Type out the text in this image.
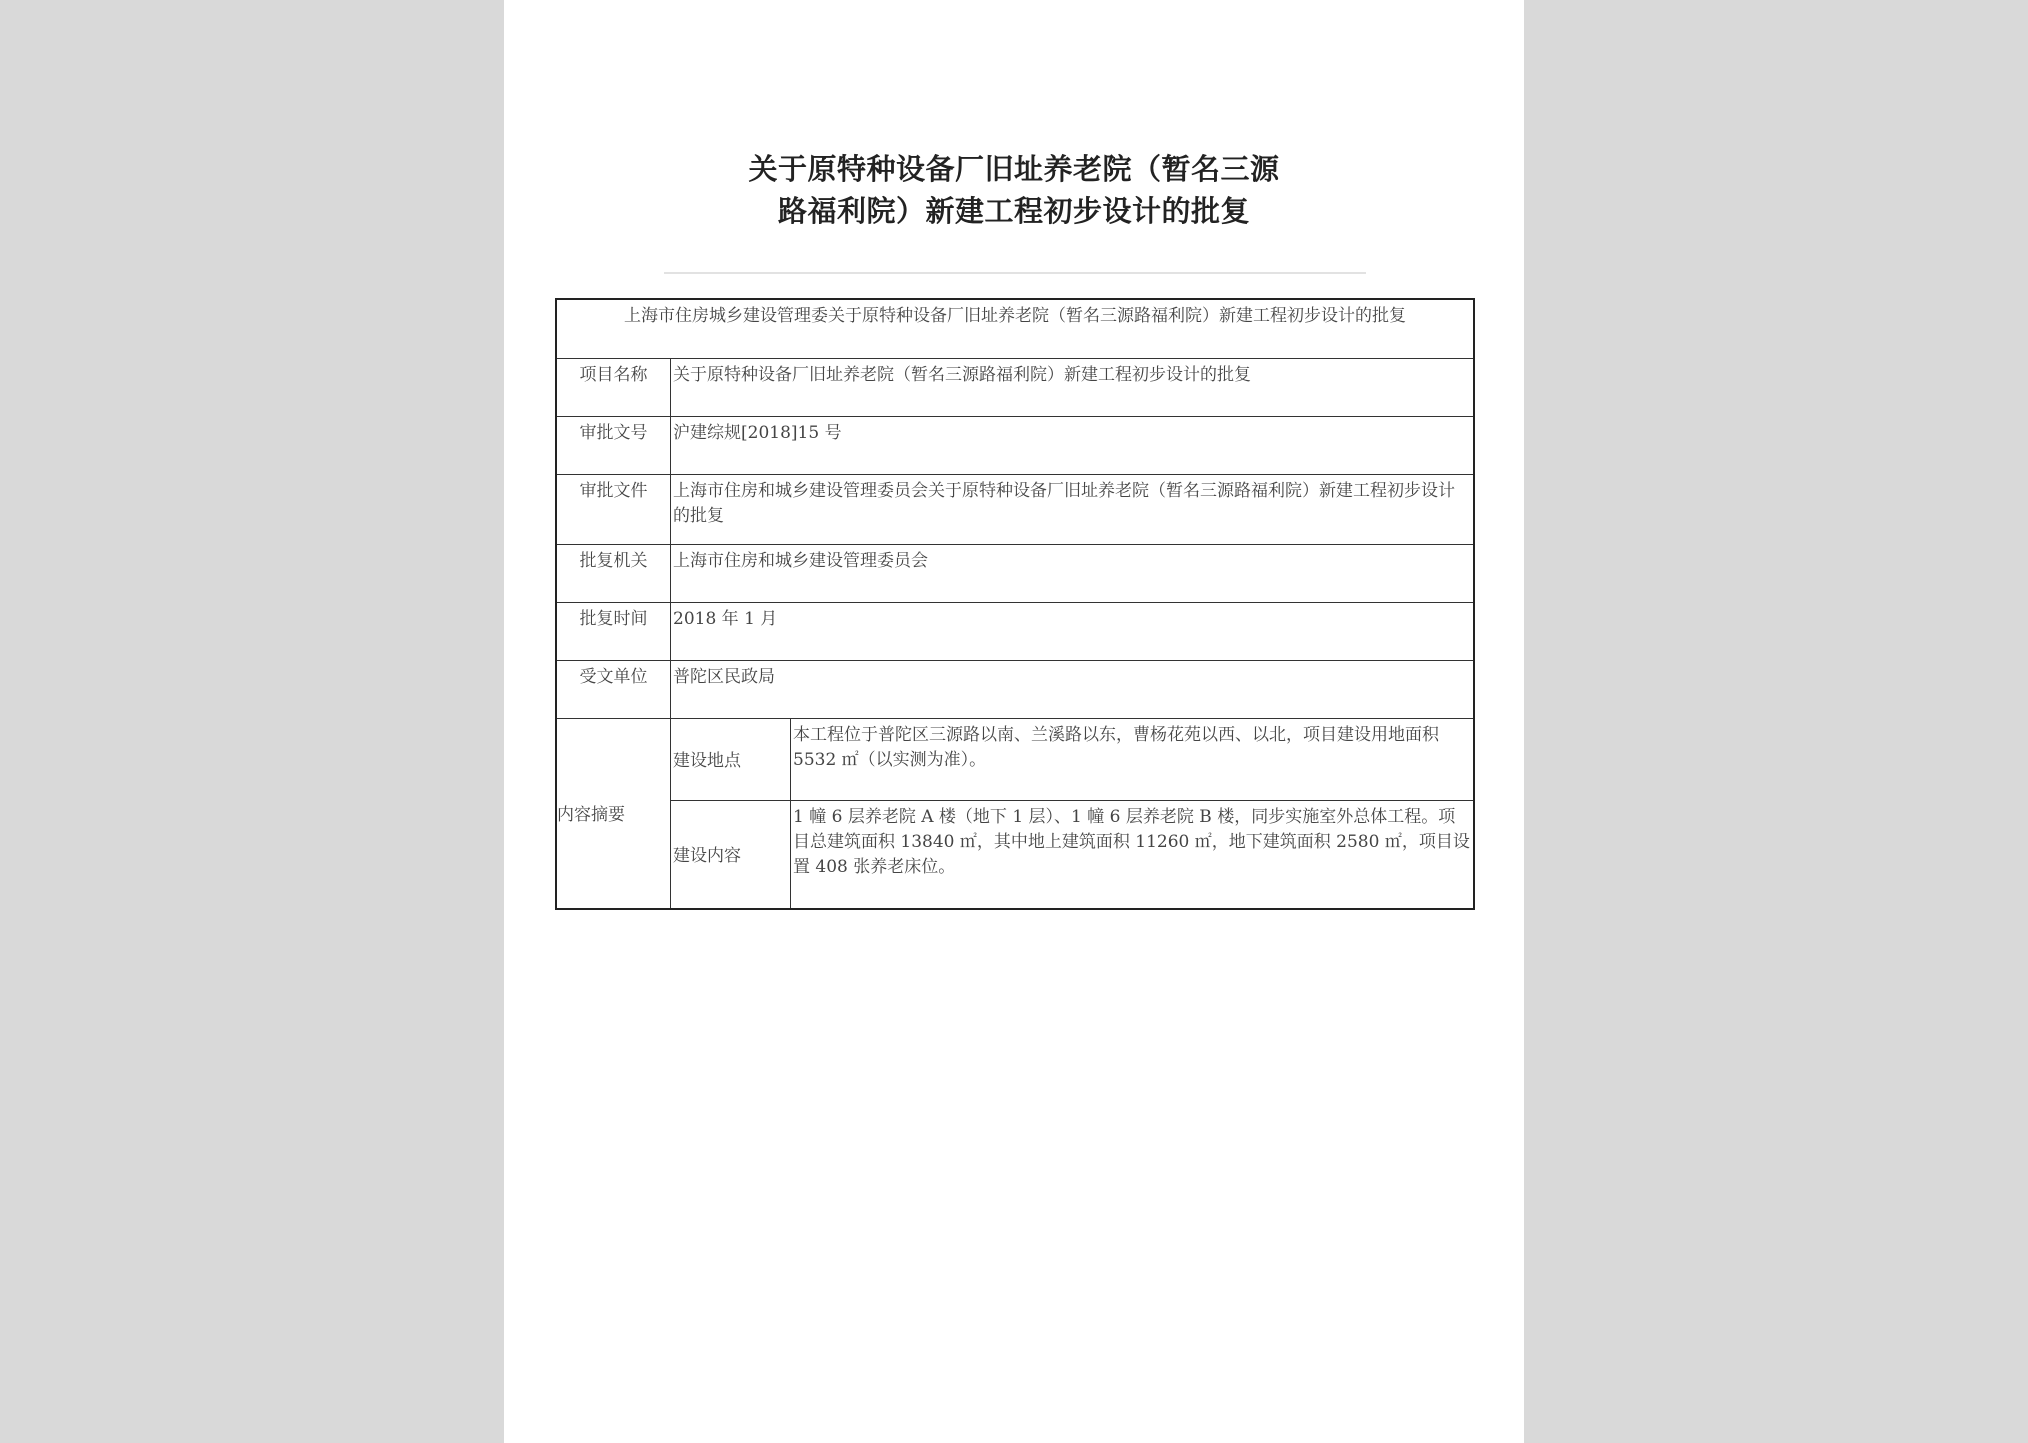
关于原特种设备厂旧址养老院（暂名三源
路福利院）新建工程初步设计的批复
上海市住房城乡建设管理委关于原特种设备厂旧址养老院（暂名三源路福利院）新建工程初步设计的批复		
项目名称	关于原特种设备厂旧址养老院（暂名三源路福利院）新建工程初步设计的批复	
审批文号	沪建综规[2018]15 号	
审批文件	上海市住房和城乡建设管理委员会关于原特种设备厂旧址养老院（暂名三源路福利院）新建工程初步设计的批复	
批复机关	上海市住房和城乡建设管理委员会	
批复时间	2018 年 1 月	
受文单位	普陀区民政局	
内容摘要	建设地点	本工程位于普陀区三源路以南、兰溪路以东，曹杨花苑以西、以北，项目建设用地面积 5532 ㎡（以实测为准）。
	建设内容	1 幢 6 层养老院 A 楼（地下 1 层）、1 幢 6 层养老院 B 楼，同步实施室外总体工程。项目总建筑面积 13840 ㎡，其中地上建筑面积 11260 ㎡，地下建筑面积 2580 ㎡，项目设置 408 张养老床位。
